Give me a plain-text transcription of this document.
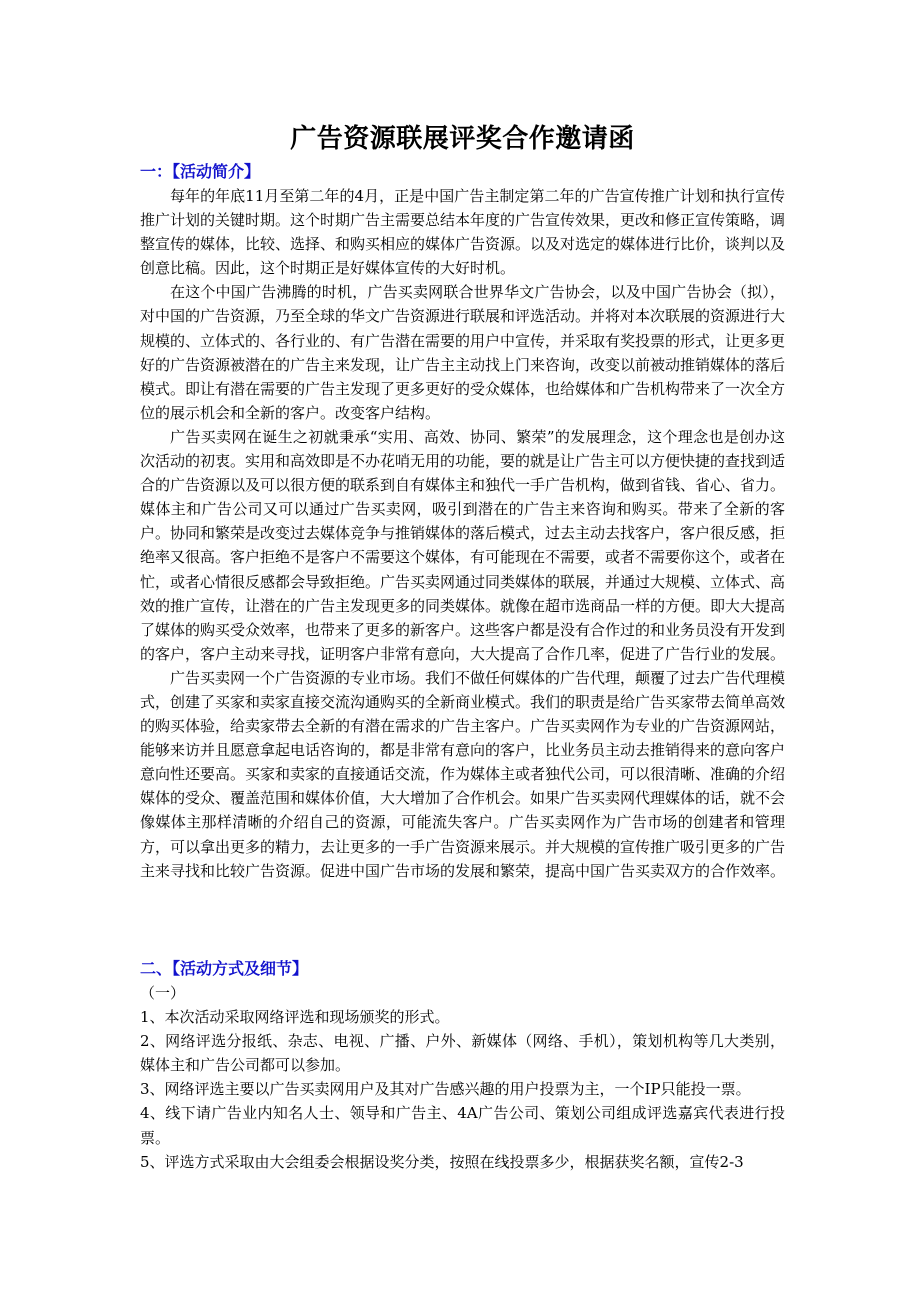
广告资源联展评奖合作邀请函
一：【活动简介】

每年的年底11月至第二年的4月，正是中国广告主制定第二年的广告宣传推广计划和执行宣传推广计划的关键时期。这个时期广告主需要总结本年度的广告宣传效果，更改和修正宣传策略，调整宣传的媒体，比较、选择、和购买相应的媒体广告资源。以及对选定的媒体进行比价，谈判以及创意比稿。因此，这个时期正是好媒体宣传的大好时机。

在这个中国广告沸腾的时机，广告买卖网联合世界华文广告协会，以及中国广告协会（拟），对中国的广告资源，乃至全球的华文广告资源进行联展和评选活动。并将对本次联展的资源进行大规模的、立体式的、各行业的、有广告潜在需要的用户中宣传，并采取有奖投票的形式，让更多更好的广告资源被潜在的广告主来发现，让广告主主动找上门来咨询，改变以前被动推销媒体的落后模式。即让有潜在需要的广告主发现了更多更好的受众媒体，也给媒体和广告机构带来了一次全方位的展示机会和全新的客户。改变客户结构。

广告买卖网在诞生之初就秉承“实用、高效、协同、繁荣”的发展理念，这个理念也是创办这次活动的初衷。实用和高效即是不办花哨无用的功能，要的就是让广告主可以方便快捷的查找到适合的广告资源以及可以很方便的联系到自有媒体主和独代一手广告机构，做到省钱、省心、省力。媒体主和广告公司又可以通过广告买卖网，吸引到潜在的广告主来咨询和购买。带来了全新的客户。协同和繁荣是改变过去媒体竞争与推销媒体的落后模式，过去主动去找客户，客户很反感，拒绝率又很高。客户拒绝不是客户不需要这个媒体，有可能现在不需要，或者不需要你这个，或者在忙，或者心情很反感都会导致拒绝。广告买卖网通过同类媒体的联展，并通过大规模、立体式、高效的推广宣传，让潜在的广告主发现更多的同类媒体。就像在超市选商品一样的方便。即大大提高了媒体的购买受众效率，也带来了更多的新客户。这些客户都是没有合作过的和业务员没有开发到的客户，客户主动来寻找，证明客户非常有意向，大大提高了合作几率，促进了广告行业的发展。

广告买卖网一个广告资源的专业市场。我们不做任何媒体的广告代理，颠覆了过去广告代理模式，创建了买家和卖家直接交流沟通购买的全新商业模式。我们的职责是给广告买家带去简单高效的购买体验，给卖家带去全新的有潜在需求的广告主客户。广告买卖网作为专业的广告资源网站，能够来访并且愿意拿起电话咨询的，都是非常有意向的客户，比业务员主动去推销得来的意向客户意向性还要高。买家和卖家的直接通话交流，作为媒体主或者独代公司，可以很清晰、准确的介绍媒体的受众、覆盖范围和媒体价值，大大增加了合作机会。如果广告买卖网代理媒体的话，就不会像媒体主那样清晰的介绍自己的资源，可能流失客户。广告买卖网作为广告市场的创建者和管理方，可以拿出更多的精力，去让更多的一手广告资源来展示。并大规模的宣传推广吸引更多的广告主来寻找和比较广告资源。促进中国广告市场的发展和繁荣，提高中国广告买卖双方的合作效率。

二、【活动方式及细节】

（一）

1、本次活动采取网络评选和现场颁奖的形式。

2、网络评选分报纸、杂志、电视、广播、户外、新媒体（网络、手机），策划机构等几大类别，媒体主和广告公司都可以参加。

3、网络评选主要以广告买卖网用户及其对广告感兴趣的用户投票为主，一个IP只能投一票。

4、线下请广告业内知名人士、领导和广告主、4A广告公司、策划公司组成评选嘉宾代表进行投票。

5、评选方式采取由大会组委会根据设奖分类，按照在线投票多少，根据获奖名额，宣传2-3
